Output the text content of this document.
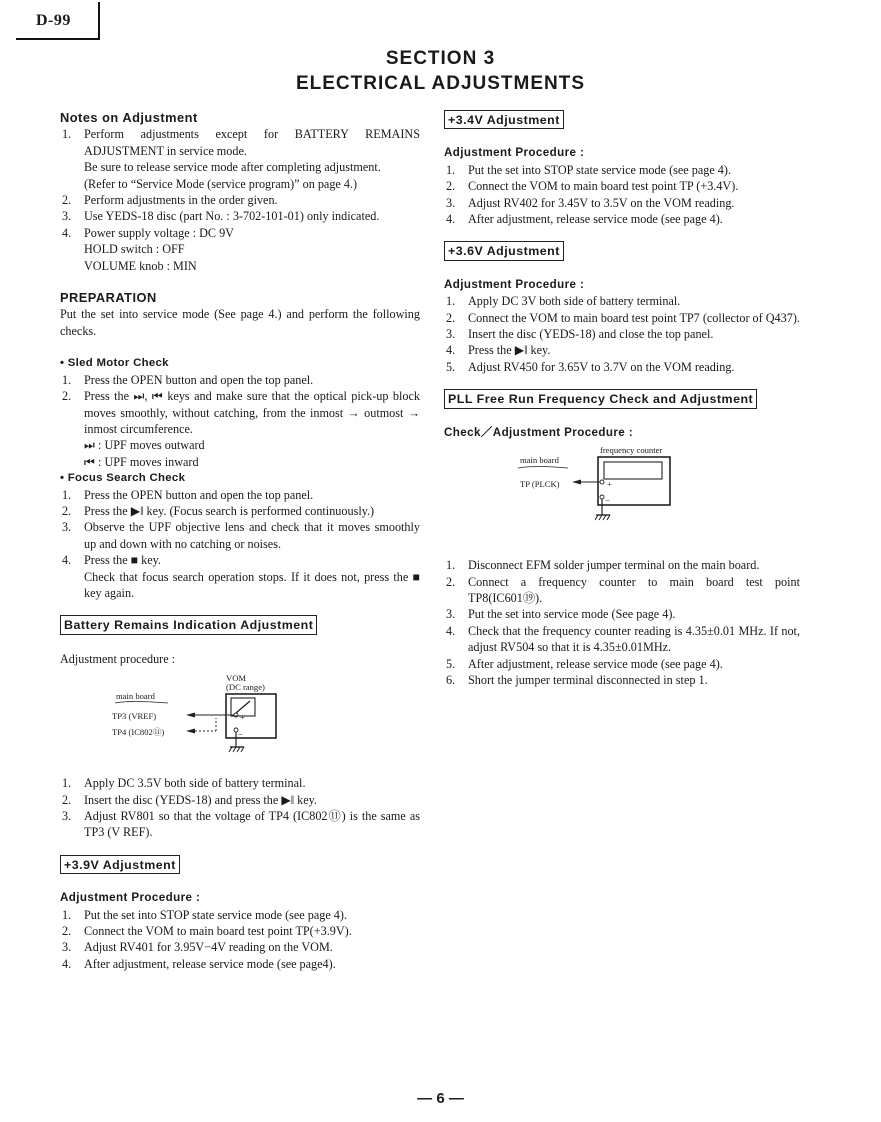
D-99
SECTION 3
ELECTRICAL ADJUSTMENTS
Notes on Adjustment
1. Perform adjustments except for BATTERY REMAINS ADJUSTMENT in service mode.
Be sure to release service mode after completing adjustment.
(Refer to “Service Mode (service program)” on page 4.)
2. Perform adjustments in the order given.
3. Use YEDS-18 disc (part No. : 3-702-101-01) only indicated.
4. Power supply voltage : DC 9V
HOLD switch : OFF
VOLUME knob : MIN
PREPARATION
Put the set into service mode (See page 4.) and perform the following checks.
• Sled Motor Check
1. Press the OPEN button and open the top panel.
2. Press the ⏭, ⏮ keys and make sure that the optical pick-up block moves smoothly, without catching, from the inmost → outmost → inmost circumference.
⏭ : UPF moves outward
⏮ : UPF moves inward
• Focus Search Check
1. Press the OPEN button and open the top panel.
2. Press the ▶‖ key. (Focus search is performed continuously.)
3. Observe the UPF objective lens and check that it moves smoothly up and down with no catching or noises.
4. Press the ■ key.
Check that focus search operation stops. If it does not, press the ■ key again.
Battery Remains Indication Adjustment
Adjustment procedure :
VOM
(DC range)
main board
TP3 (VREF)
TP4 (IC802⑪)
+
−
1. Apply DC 3.5V both side of battery terminal.
2. Insert the disc (YEDS-18) and press the ▶‖ key.
3. Adjust RV801 so that the voltage of TP4 (IC802⑪) is the same as TP3 (V REF).
+3.9V Adjustment
Adjustment Procedure :
1. Put the set into STOP state service mode (see page 4).
2. Connect the VOM to main board test point TP(+3.9V).
3. Adjust RV401 for 3.95V−4V reading on the VOM.
4. After adjustment, release service mode (see page4).
+3.4V Adjustment
Adjustment Procedure :
1. Put the set into STOP state service mode (see page 4).
2. Connect the VOM to main board test point TP (+3.4V).
3. Adjust RV402 for 3.45V to 3.5V on the VOM reading.
4. After adjustment, release service mode (see page 4).
+3.6V Adjustment
Adjustment Procedure :
1. Apply DC 3V both side of battery terminal.
2. Connect the VOM to main board test point TP7 (collector of Q437).
3. Insert the disc (YEDS-18) and close the top panel.
4. Press the ▶‖ key.
5. Adjust RV450 for 3.65V to 3.7V on the VOM reading.
PLL Free Run Frequency Check and Adjustment
Check／Adjustment Procedure :
frequency counter
main board
TP (PLCK)	+
−
1. Disconnect EFM solder jumper terminal on the main board.
2. Connect a frequency counter to main board test point TP8(IC601⑲).
3. Put the set into service mode (See page 4).
4. Check that the frequency counter reading is 4.35±0.01 MHz. If not, adjust RV504 so that it is 4.35±0.01MHz.
5. After adjustment, release service mode (see page 4).
6. Short the jumper terminal disconnected in step 1.
— 6 —
